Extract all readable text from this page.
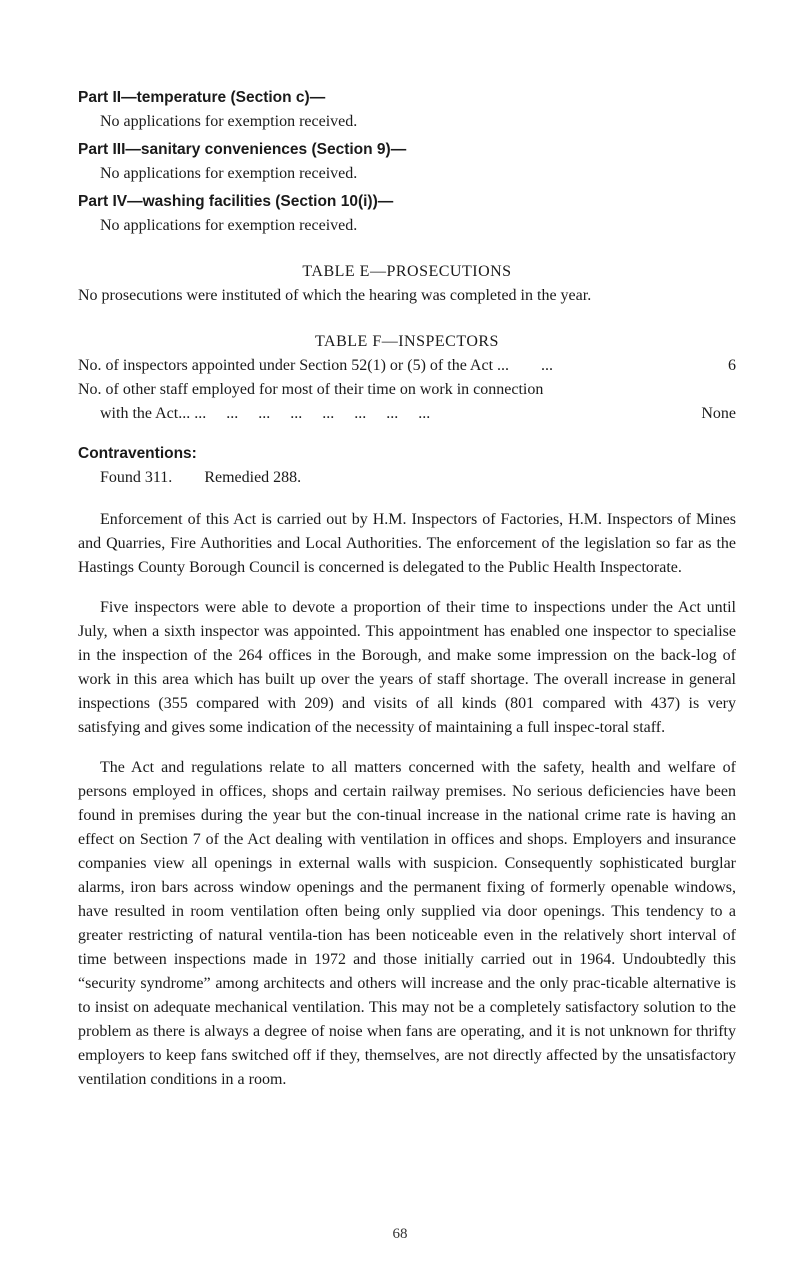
Part II—temperature (Section c)—
No applications for exemption received.
Part III—sanitary conveniences (Section 9)—
No applications for exemption received.
Part IV—washing facilities (Section 10(i))—
No applications for exemption received.
TABLE E—PROSECUTIONS
No prosecutions were instituted of which the hearing was completed in the year.
TABLE F—INSPECTORS
No. of inspectors appointed under Section 52(1) or (5) of the Act ... ...	6
No. of other staff employed for most of their time on work in connection
with the Act... ...     ...     ...     ...     ...     ...     ...     ...	None
Contraventions:
Found 311. Remedied 288.
Enforcement of this Act is carried out by H.M. Inspectors of Factories, H.M. Inspectors of Mines and Quarries, Fire Authorities and Local Authorities. The enforcement of the legislation so far as the Hastings County Borough Council is concerned is delegated to the Public Health Inspectorate.
Five inspectors were able to devote a proportion of their time to inspections under the Act until July, when a sixth inspector was appointed. This appointment has enabled one inspector to specialise in the inspection of the 264 offices in the Borough, and make some impression on the back-log of work in this area which has built up over the years of staff shortage. The overall increase in general inspections (355 compared with 209) and visits of all kinds (801 compared with 437) is very satisfying and gives some indication of the necessity of maintaining a full inspec-toral staff.
The Act and regulations relate to all matters concerned with the safety, health and welfare of persons employed in offices, shops and certain railway premises. No serious deficiencies have been found in premises during the year but the con-tinual increase in the national crime rate is having an effect on Section 7 of the Act dealing with ventilation in offices and shops. Employers and insurance companies view all openings in external walls with suspicion. Consequently sophisticated burglar alarms, iron bars across window openings and the permanent fixing of formerly openable windows, have resulted in room ventilation often being only supplied via door openings. This tendency to a greater restricting of natural ventila-tion has been noticeable even in the relatively short interval of time between inspections made in 1972 and those initially carried out in 1964. Undoubtedly this “security syndrome” among architects and others will increase and the only prac-ticable alternative is to insist on adequate mechanical ventilation. This may not be a completely satisfactory solution to the problem as there is always a degree of noise when fans are operating, and it is not unknown for thrifty employers to keep fans switched off if they, themselves, are not directly affected by the unsatisfactory ventilation conditions in a room.
68
